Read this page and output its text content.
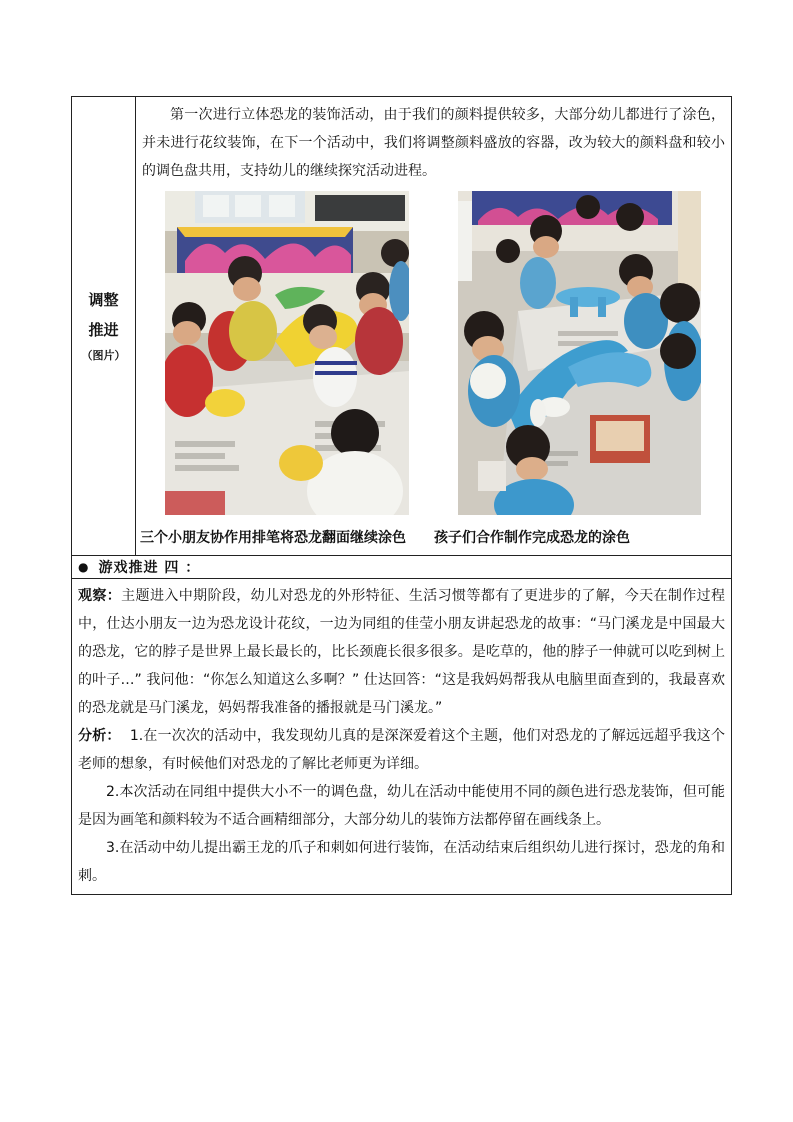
调整
推进
（图片）

第一次进行立体恐龙的装饰活动，由于我们的颜料提供较多，大部分幼儿都进行了涂色，并未进行花纹装饰，在下一个活动中，我们将调整颜料盛放的容器，改为较大的颜料盘和较小的调色盘共用，支持幼儿的继续探究活动进程。

三个小朋友协作用排笔将恐龙翻面继续涂色 孩子们合作制作完成恐龙的涂色
● 游戏推进 四 ：

观察：主题进入中期阶段，幼儿对恐龙的外形特征、生活习惯等都有了更进步的了解，今天在制作过程中，仕达小朋友一边为恐龙设计花纹，一边为同组的佳莹小朋友讲起恐龙的故事：“马门溪龙是中国最大的恐龙，它的脖子是世界上最长最长的，比长颈鹿长很多很多。是吃草的，他的脖子一伸就可以吃到树上的叶子…” 我问他：“你怎么知道这么多啊？” 仕达回答：“这是我妈妈帮我从电脑里面查到的，我最喜欢的恐龙就是马门溪龙，妈妈帮我准备的播报就是马门溪龙。”

分析：  1.在一次次的活动中，我发现幼儿真的是深深爱着这个主题，他们对恐龙的了解远远超乎我这个老师的想象，有时候他们对恐龙的了解比老师更为详细。

2.本次活动在同组中提供大小不一的调色盘，幼儿在活动中能使用不同的颜色进行恐龙装饰，但可能是因为画笔和颜料较为不适合画精细部分，大部分幼儿的装饰方法都停留在画线条上。

3.在活动中幼儿提出霸王龙的爪子和刺如何进行装饰，在活动结束后组织幼儿进行探讨，恐龙的角和刺。
